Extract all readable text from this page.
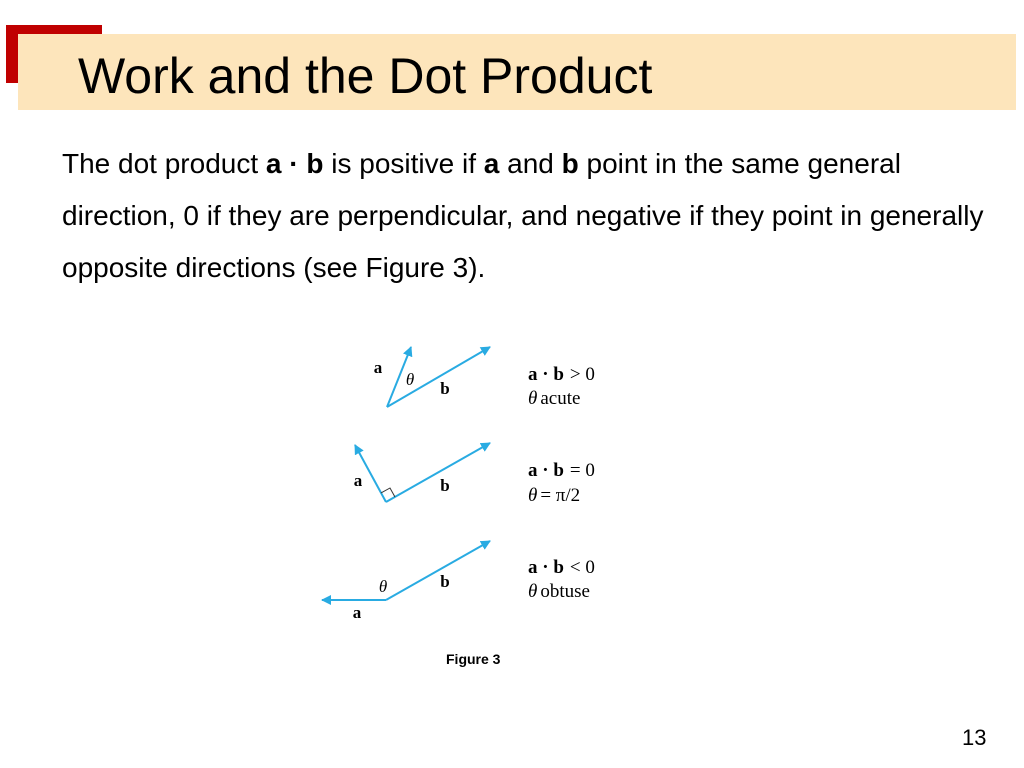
Work and the Dot Product

The dot product a · b is positive if a and b point in the same general direction, 0 if they are perpendicular, and negative if they point in generally opposite directions (see Figure 3).

a
θ b
a · b > 0
θ acute
a	b
a · b = 0
θ = π/2
θ
a
b
a · b < 0
θ obtuse
Figure 3
13
